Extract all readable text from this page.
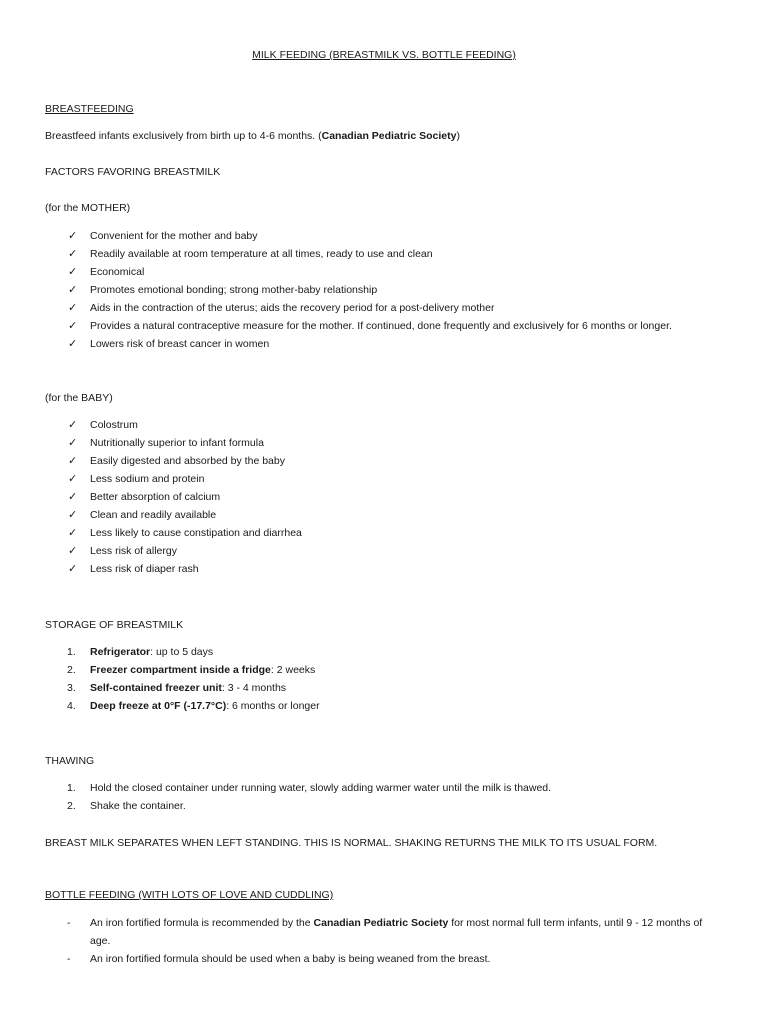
MILK FEEDING (BREASTMILK VS. BOTTLE FEEDING)
BREASTFEEDING
Breastfeed infants exclusively from birth up to 4-6 months. (Canadian Pediatric Society)
FACTORS FAVORING BREASTMILK
(for the MOTHER)
✓ Convenient for the mother and baby
✓ Readily available at room temperature at all times, ready to use and clean
✓ Economical
✓ Promotes emotional bonding; strong mother-baby relationship
✓ Aids in the contraction of the uterus; aids the recovery period for a post-delivery mother
✓ Provides a natural contraceptive measure for the mother. If continued, done frequently and exclusively for 6 months or longer.
✓ Lowers risk of breast cancer in women
(for the BABY)
✓ Colostrum
✓ Nutritionally superior to infant formula
✓ Easily digested and absorbed by the baby
✓ Less sodium and protein
✓ Better absorption of calcium
✓ Clean and readily available
✓ Less likely to cause constipation and diarrhea
✓ Less risk of allergy
✓ Less risk of diaper rash
STORAGE OF BREASTMILK
1. Refrigerator: up to 5 days
2. Freezer compartment inside a fridge: 2 weeks
3. Self-contained freezer unit: 3 - 4 months
4. Deep freeze at 0°F (-17.7°C): 6 months or longer
THAWING
1. Hold the closed container under running water, slowly adding warmer water until the milk is thawed.
2. Shake the container.
BREAST MILK SEPARATES WHEN LEFT STANDING. THIS IS NORMAL. SHAKING RETURNS THE MILK TO ITS USUAL FORM.
BOTTLE FEEDING (WITH LOTS OF LOVE AND CUDDLING)
- An iron fortified formula is recommended by the Canadian Pediatric Society for most normal full term infants, until 9 - 12 months of age.
- An iron fortified formula should be used when a baby is being weaned from the breast.
